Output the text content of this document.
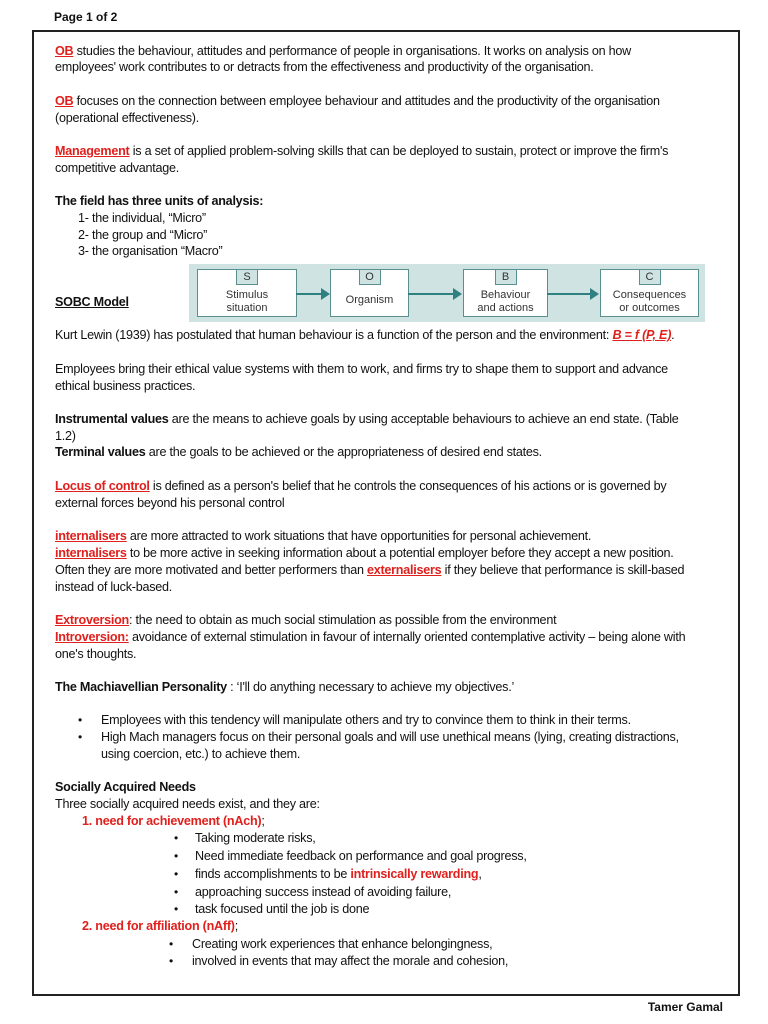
Page 1 of 2
S
Stimulus
situation
O
Organism
B
Behaviour
and actions
C
Consequences
or outcomes
OB studies the behaviour, attitudes and performance of people in organisations. It works on analysis on how
employees' work contributes to or detracts from the effectiveness and productivity of the organisation.
OB focuses on the connection between employee behaviour and attitudes and the productivity of the organisation
(operational effectiveness).
Management is a set of applied problem-solving skills that can be deployed to sustain, protect or improve the firm's
competitive advantage.
The field has three units of analysis:
1- the individual, “Micro”
2- the group and “Micro”
3- the organisation “Macro”
SOBC Model
Kurt Lewin (1939) has postulated that human behaviour is a function of the person and the environment: B = f (P, E).
Employees bring their ethical value systems with them to work, and firms try to shape them to support and advance
ethical business practices.
Instrumental values are the means to achieve goals by using acceptable behaviours to achieve an end state. (Table
1.2)
Terminal values are the goals to be achieved or the appropriateness of desired end states.
Locus of control is defined as a person's belief that he controls the consequences of his actions or is governed by
external forces beyond his personal control
internalisers are more attracted to work situations that have opportunities for personal achievement.
internalisers to be more active in seeking information about a potential employer before they accept a new position.
Often they are more motivated and better performers than externalisers if they believe that performance is skill-based
instead of luck-based.
Extroversion: the need to obtain as much social stimulation as possible from the environment
Introversion: avoidance of external stimulation in favour of internally oriented contemplative activity – being alone with
one's thoughts.
The Machiavellian Personality : ‘I'll do anything necessary to achieve my objectives.’
Employees with this tendency will manipulate others and try to convince them to think in their terms.
•
High Mach managers focus on their personal goals and will use unethical means (lying, creating distractions,
•
using coercion, etc.) to achieve them.
Socially Acquired Needs
Three socially acquired needs exist, and they are:
1. need for achievement (nAch);
Taking moderate risks,
•
Need immediate feedback on performance and goal progress,
•
finds accomplishments to be intrinsically rewarding,
•
approaching success instead of avoiding failure,
•
task focused until the job is done
•
2. need for affiliation (nAff);
Creating work experiences that enhance belongingness,
•
involved in events that may affect the morale and cohesion,
•
Tamer Gamal
